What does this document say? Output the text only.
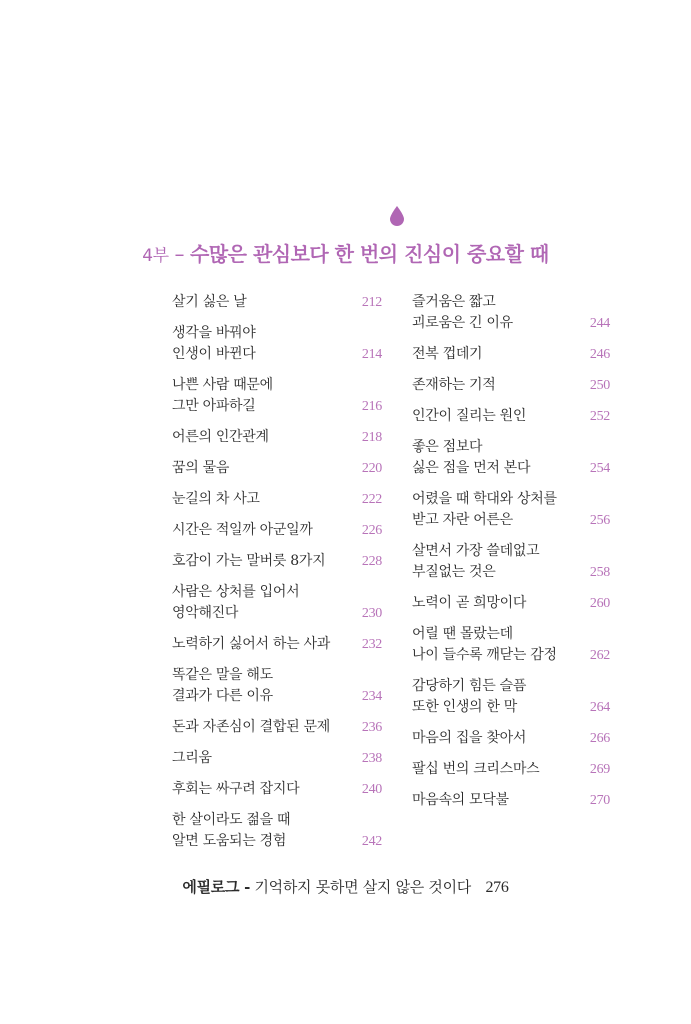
4부 – 수많은 관심보다 한 번의 진심이 중요할 때
살기 싫은 날	212
생각을 바꿔야
인생이 바뀐다	214
나쁜 사람 때문에
그만 아파하길	216
어른의 인간관계	218
꿈의 물음	220
눈길의 차 사고	222
시간은 적일까 아군일까	226
호감이 가는 말버릇 8가지	228
사람은 상처를 입어서
영악해진다	230
노력하기 싫어서 하는 사과	232
똑같은 말을 해도
결과가 다른 이유	234
돈과 자존심이 결합된 문제	236
그리움	238
후회는 싸구려 잡지다	240
한 살이라도 젊을 때
알면 도움되는 경험	242
즐거움은 짧고
괴로움은 긴 이유	244
전복 껍데기	246
존재하는 기적	250
인간이 질리는 원인	252
좋은 점보다
싫은 점을 먼저 본다	254
어렸을 때 학대와 상처를
받고 자란 어른은	256
살면서 가장 쓸데없고
부질없는 것은	258
노력이 곧 희망이다	260
어릴 땐 몰랐는데
나이 들수록 깨닫는 감정	262
감당하기 힘든 슬픔
또한 인생의 한 막	264
마음의 집을 찾아서	266
팔십 번의 크리스마스	269
마음속의 모닥불	270
에필로그 - 기억하지 못하면 살지 않은 것이다 276
